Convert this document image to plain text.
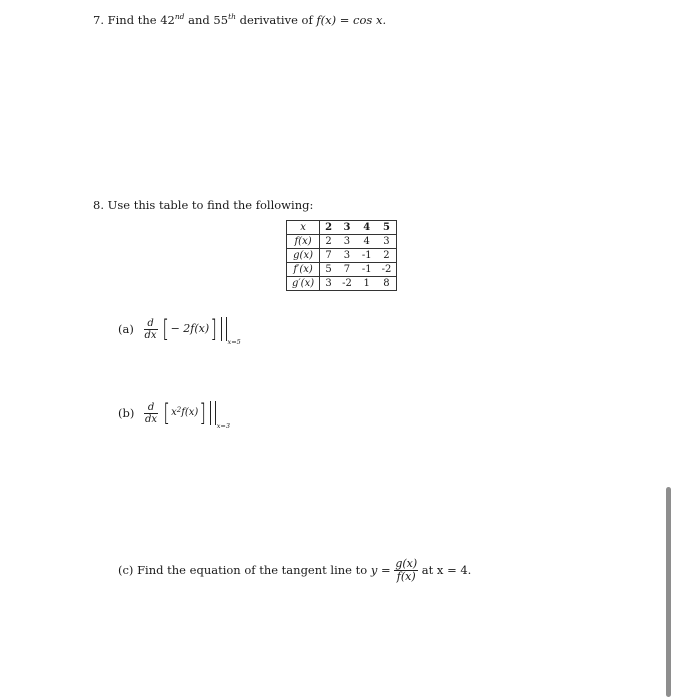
7. Find the 42nd and 55th derivative of f(x) = cos x.
8. Use this table to find the following:
x	2	3	4	5
f(x)	2	3	4	3
g(x)	7	3	-1	2
f′(x)	5	7	-1	-2
g′(x)	3	-2	1	8
$(a) \frac{d}{dx}$ [− 2f(x)] x=5
$(b) \frac{d}{dx} [x^2f(x)]$ x=3
(c) Find the equation of the tangent line to $y = \frac{g(x)}{f(x)}$ at x = 4.
